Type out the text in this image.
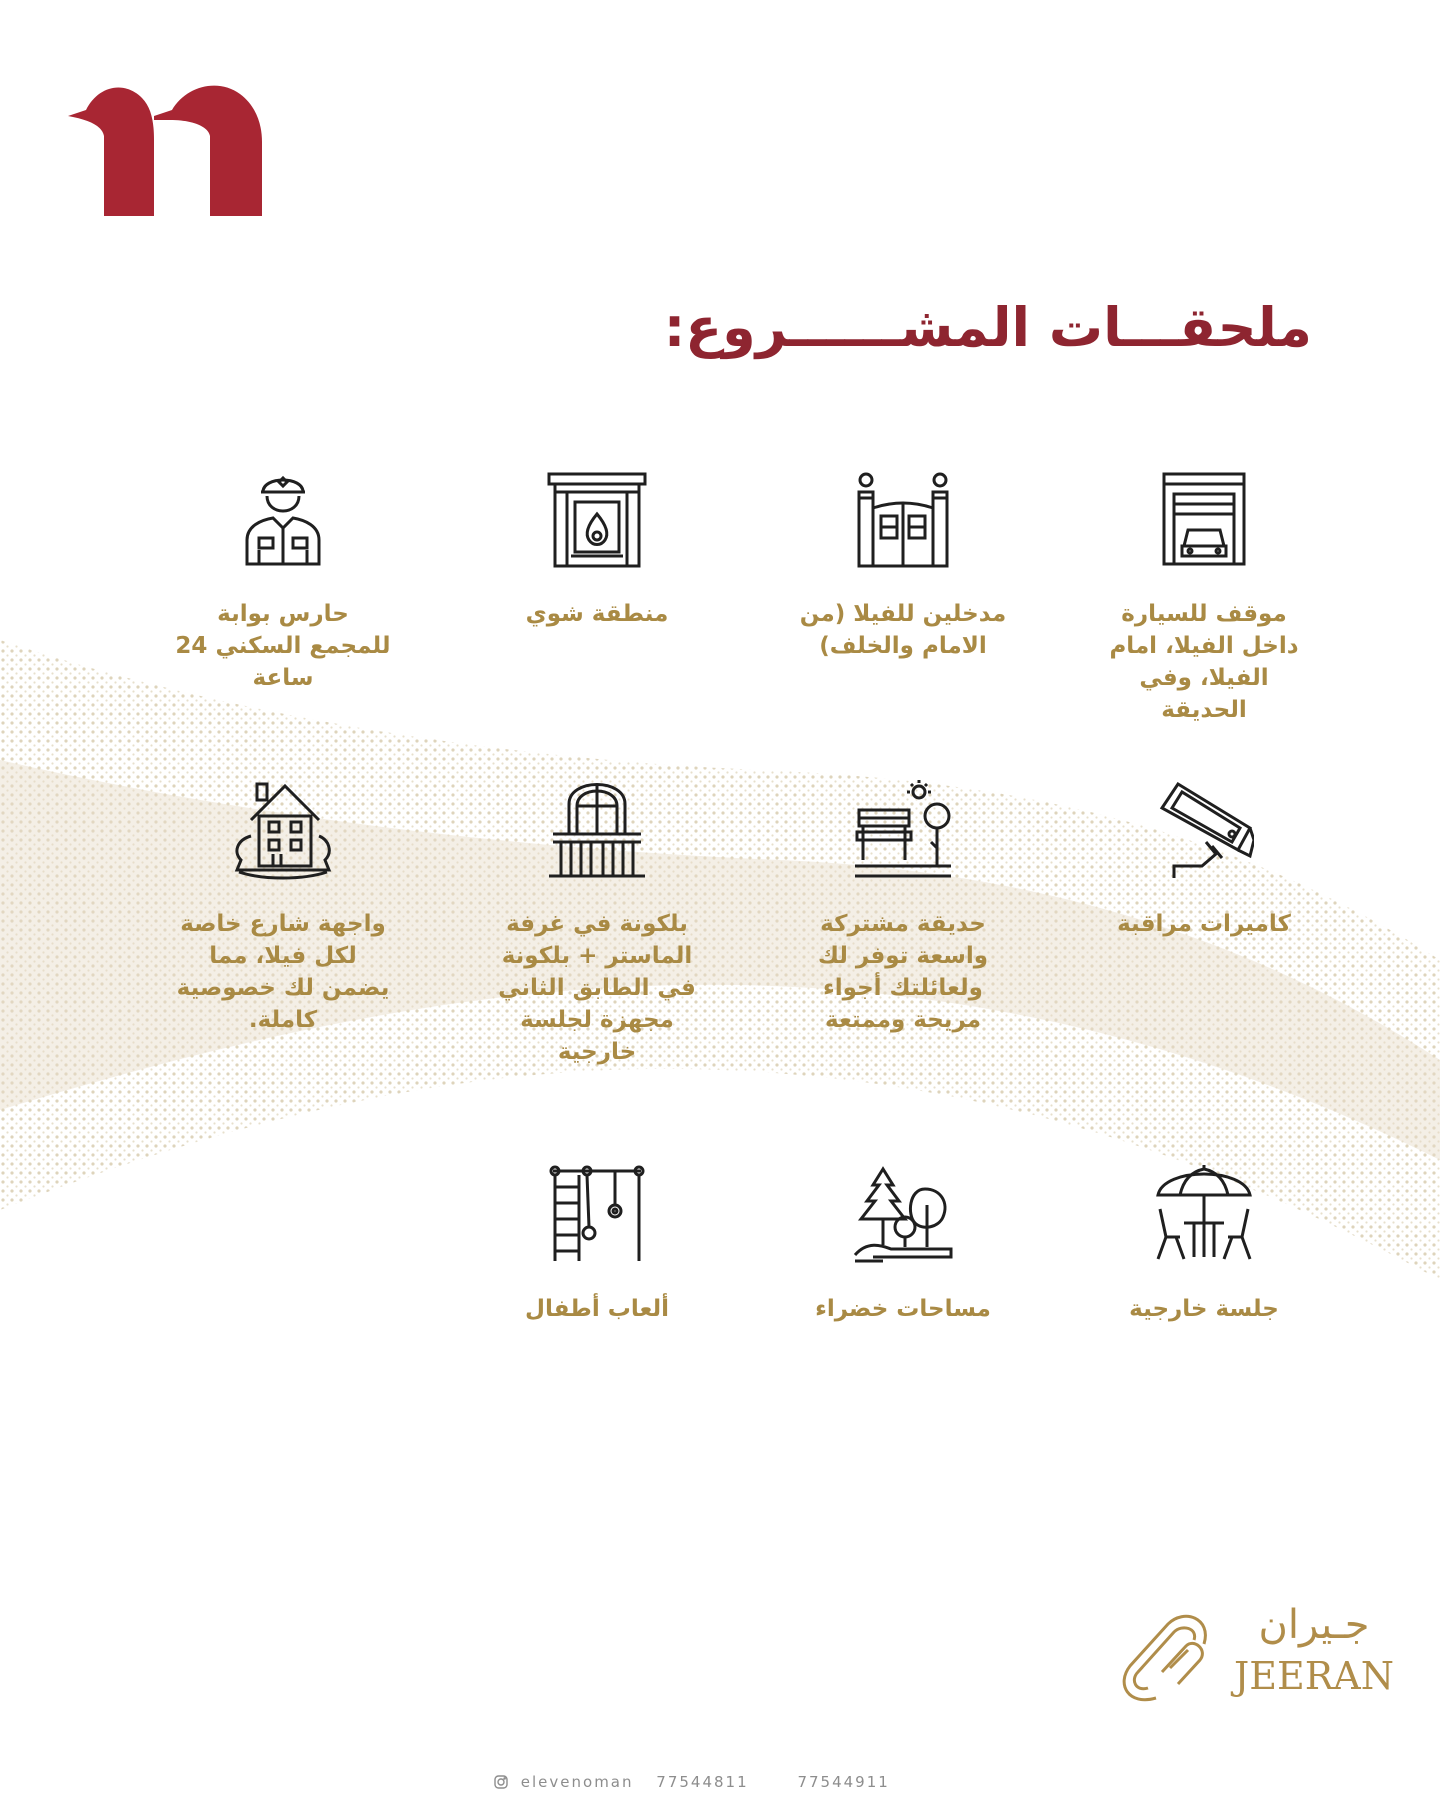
ملحقـــات المشــــــروع:
موقف للسيارة داخل الفيلا، امام الفيلا، وفي الحديقة
مدخلين للفيلا (من الامام والخلف)
منطقة شوي
حارس بوابة للمجمع السكني 24 ساعة
كاميرات مراقبة
حديقة مشتركة واسعة توفر لك ولعائلتك أجواء مريحة وممتعة
بلكونة في غرفة الماستر + بلكونة في الطابق الثاني مجهزة لجلسة خارجية
واجهة شارع خاصة لكل فيلا، مما يضمن لك خصوصية كاملة.
جلسة خارجية
مساحات خضراء
ألعاب أطفال
جـيران
JEERAN
elevenoman 77544811	77544911
